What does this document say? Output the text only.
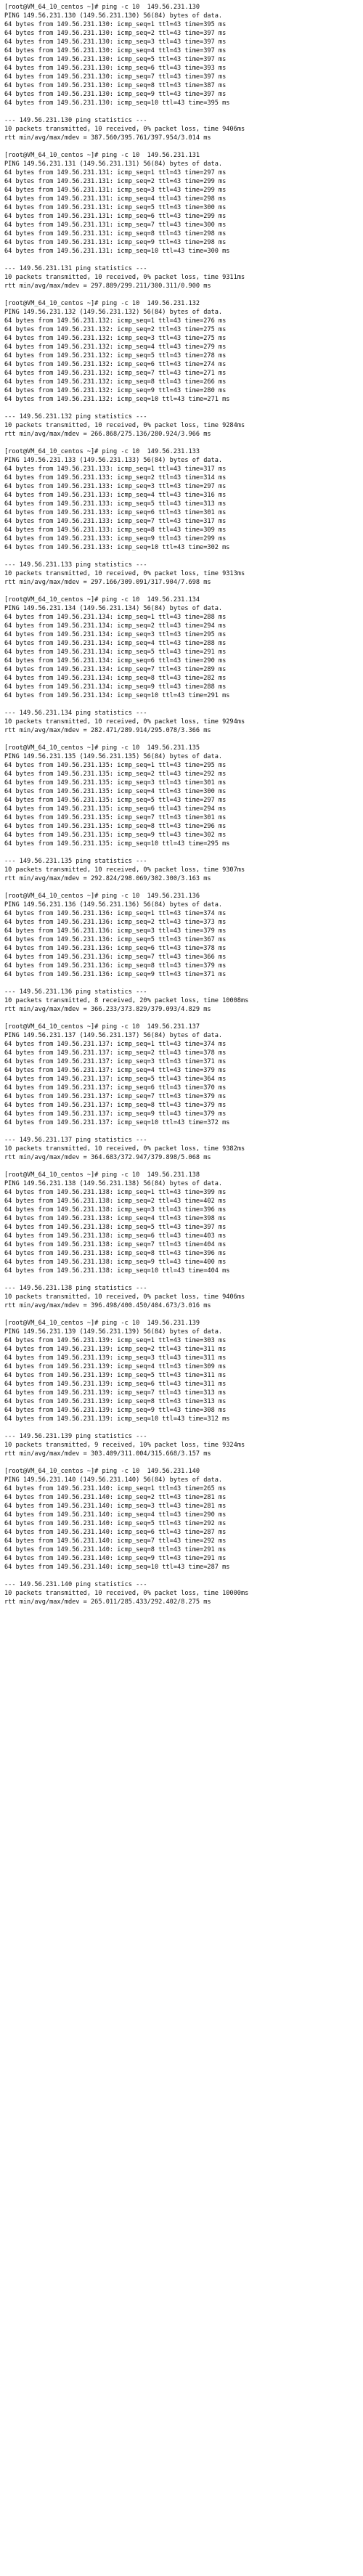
[root@VM_64_10_centos ~]# ping -c 10  149.56.231.130
PING 149.56.231.130 (149.56.231.130) 56(84) bytes of data.
64 bytes from 149.56.231.130: icmp_seq=1 ttl=43 time=395 ms
64 bytes from 149.56.231.130: icmp_seq=2 ttl=43 time=397 ms
64 bytes from 149.56.231.130: icmp_seq=3 ttl=43 time=397 ms
64 bytes from 149.56.231.130: icmp_seq=4 ttl=43 time=397 ms
64 bytes from 149.56.231.130: icmp_seq=5 ttl=43 time=397 ms
64 bytes from 149.56.231.130: icmp_seq=6 ttl=43 time=393 ms
64 bytes from 149.56.231.130: icmp_seq=7 ttl=43 time=397 ms
64 bytes from 149.56.231.130: icmp_seq=8 ttl=43 time=387 ms
64 bytes from 149.56.231.130: icmp_seq=9 ttl=43 time=397 ms
64 bytes from 149.56.231.130: icmp_seq=10 ttl=43 time=395 ms
--- 149.56.231.130 ping statistics ---
10 packets transmitted, 10 received, 0% packet loss, time 9406ms
rtt min/avg/max/mdev = 387.560/395.761/397.954/3.014 ms
[root@VM_64_10_centos ~]# ping -c 10  149.56.231.131
PING 149.56.231.131 (149.56.231.131) 56(84) bytes of data.
64 bytes from 149.56.231.131: icmp_seq=1 ttl=43 time=297 ms
64 bytes from 149.56.231.131: icmp_seq=2 ttl=43 time=299 ms
64 bytes from 149.56.231.131: icmp_seq=3 ttl=43 time=299 ms
64 bytes from 149.56.231.131: icmp_seq=4 ttl=43 time=298 ms
64 bytes from 149.56.231.131: icmp_seq=5 ttl=43 time=300 ms
64 bytes from 149.56.231.131: icmp_seq=6 ttl=43 time=299 ms
64 bytes from 149.56.231.131: icmp_seq=7 ttl=43 time=300 ms
64 bytes from 149.56.231.131: icmp_seq=8 ttl=43 time=298 ms
64 bytes from 149.56.231.131: icmp_seq=9 ttl=43 time=298 ms
64 bytes from 149.56.231.131: icmp_seq=10 ttl=43 time=300 ms
--- 149.56.231.131 ping statistics ---
10 packets transmitted, 10 received, 0% packet loss, time 9311ms
rtt min/avg/max/mdev = 297.889/299.211/300.311/0.900 ms
[root@VM_64_10_centos ~]# ping -c 10  149.56.231.132
PING 149.56.231.132 (149.56.231.132) 56(84) bytes of data.
64 bytes from 149.56.231.132: icmp_seq=1 ttl=43 time=276 ms
64 bytes from 149.56.231.132: icmp_seq=2 ttl=43 time=275 ms
64 bytes from 149.56.231.132: icmp_seq=3 ttl=43 time=275 ms
64 bytes from 149.56.231.132: icmp_seq=4 ttl=43 time=279 ms
64 bytes from 149.56.231.132: icmp_seq=5 ttl=43 time=278 ms
64 bytes from 149.56.231.132: icmp_seq=6 ttl=43 time=274 ms
64 bytes from 149.56.231.132: icmp_seq=7 ttl=43 time=271 ms
64 bytes from 149.56.231.132: icmp_seq=8 ttl=43 time=266 ms
64 bytes from 149.56.231.132: icmp_seq=9 ttl=43 time=280 ms
64 bytes from 149.56.231.132: icmp_seq=10 ttl=43 time=271 ms
--- 149.56.231.132 ping statistics ---
10 packets transmitted, 10 received, 0% packet loss, time 9284ms
rtt min/avg/max/mdev = 266.868/275.136/280.924/3.966 ms
[root@VM_64_10_centos ~]# ping -c 10  149.56.231.133
PING 149.56.231.133 (149.56.231.133) 56(84) bytes of data.
64 bytes from 149.56.231.133: icmp_seq=1 ttl=43 time=317 ms
64 bytes from 149.56.231.133: icmp_seq=2 ttl=43 time=314 ms
64 bytes from 149.56.231.133: icmp_seq=3 ttl=43 time=297 ms
64 bytes from 149.56.231.133: icmp_seq=4 ttl=43 time=316 ms
64 bytes from 149.56.231.133: icmp_seq=5 ttl=43 time=313 ms
64 bytes from 149.56.231.133: icmp_seq=6 ttl=43 time=301 ms
64 bytes from 149.56.231.133: icmp_seq=7 ttl=43 time=317 ms
64 bytes from 149.56.231.133: icmp_seq=8 ttl=43 time=309 ms
64 bytes from 149.56.231.133: icmp_seq=9 ttl=43 time=299 ms
64 bytes from 149.56.231.133: icmp_seq=10 ttl=43 time=302 ms
--- 149.56.231.133 ping statistics ---
10 packets transmitted, 10 received, 0% packet loss, time 9313ms
rtt min/avg/max/mdev = 297.166/309.091/317.904/7.698 ms
[root@VM_64_10_centos ~]# ping -c 10  149.56.231.134
PING 149.56.231.134 (149.56.231.134) 56(84) bytes of data.
64 bytes from 149.56.231.134: icmp_seq=1 ttl=43 time=288 ms
64 bytes from 149.56.231.134: icmp_seq=2 ttl=43 time=294 ms
64 bytes from 149.56.231.134: icmp_seq=3 ttl=43 time=295 ms
64 bytes from 149.56.231.134: icmp_seq=4 ttl=43 time=288 ms
64 bytes from 149.56.231.134: icmp_seq=5 ttl=43 time=291 ms
64 bytes from 149.56.231.134: icmp_seq=6 ttl=43 time=290 ms
64 bytes from 149.56.231.134: icmp_seq=7 ttl=43 time=289 ms
64 bytes from 149.56.231.134: icmp_seq=8 ttl=43 time=282 ms
64 bytes from 149.56.231.134: icmp_seq=9 ttl=43 time=288 ms
64 bytes from 149.56.231.134: icmp_seq=10 ttl=43 time=291 ms
--- 149.56.231.134 ping statistics ---
10 packets transmitted, 10 received, 0% packet loss, time 9294ms
rtt min/avg/max/mdev = 282.471/289.914/295.078/3.366 ms
[root@VM_64_10_centos ~]# ping -c 10  149.56.231.135
PING 149.56.231.135 (149.56.231.135) 56(84) bytes of data.
64 bytes from 149.56.231.135: icmp_seq=1 ttl=43 time=295 ms
64 bytes from 149.56.231.135: icmp_seq=2 ttl=43 time=292 ms
64 bytes from 149.56.231.135: icmp_seq=3 ttl=43 time=301 ms
64 bytes from 149.56.231.135: icmp_seq=4 ttl=43 time=300 ms
64 bytes from 149.56.231.135: icmp_seq=5 ttl=43 time=297 ms
64 bytes from 149.56.231.135: icmp_seq=6 ttl=43 time=294 ms
64 bytes from 149.56.231.135: icmp_seq=7 ttl=43 time=301 ms
64 bytes from 149.56.231.135: icmp_seq=8 ttl=43 time=296 ms
64 bytes from 149.56.231.135: icmp_seq=9 ttl=43 time=302 ms
64 bytes from 149.56.231.135: icmp_seq=10 ttl=43 time=295 ms
--- 149.56.231.135 ping statistics ---
10 packets transmitted, 10 received, 0% packet loss, time 9307ms
rtt min/avg/max/mdev = 292.824/298.069/302.300/3.163 ms
[root@VM_64_10_centos ~]# ping -c 10  149.56.231.136
PING 149.56.231.136 (149.56.231.136) 56(84) bytes of data.
64 bytes from 149.56.231.136: icmp_seq=1 ttl=43 time=374 ms
64 bytes from 149.56.231.136: icmp_seq=2 ttl=43 time=373 ms
64 bytes from 149.56.231.136: icmp_seq=3 ttl=43 time=379 ms
64 bytes from 149.56.231.136: icmp_seq=5 ttl=43 time=367 ms
64 bytes from 149.56.231.136: icmp_seq=6 ttl=43 time=378 ms
64 bytes from 149.56.231.136: icmp_seq=7 ttl=43 time=366 ms
64 bytes from 149.56.231.136: icmp_seq=8 ttl=43 time=379 ms
64 bytes from 149.56.231.136: icmp_seq=9 ttl=43 time=371 ms
--- 149.56.231.136 ping statistics ---
10 packets transmitted, 8 received, 20% packet loss, time 10008ms
rtt min/avg/max/mdev = 366.233/373.829/379.093/4.829 ms
[root@VM_64_10_centos ~]# ping -c 10  149.56.231.137
PING 149.56.231.137 (149.56.231.137) 56(84) bytes of data.
64 bytes from 149.56.231.137: icmp_seq=1 ttl=43 time=374 ms
64 bytes from 149.56.231.137: icmp_seq=2 ttl=43 time=378 ms
64 bytes from 149.56.231.137: icmp_seq=3 ttl=43 time=371 ms
64 bytes from 149.56.231.137: icmp_seq=4 ttl=43 time=379 ms
64 bytes from 149.56.231.137: icmp_seq=5 ttl=43 time=364 ms
64 bytes from 149.56.231.137: icmp_seq=6 ttl=43 time=370 ms
64 bytes from 149.56.231.137: icmp_seq=7 ttl=43 time=379 ms
64 bytes from 149.56.231.137: icmp_seq=8 ttl=43 time=379 ms
64 bytes from 149.56.231.137: icmp_seq=9 ttl=43 time=379 ms
64 bytes from 149.56.231.137: icmp_seq=10 ttl=43 time=372 ms
--- 149.56.231.137 ping statistics ---
10 packets transmitted, 10 received, 0% packet loss, time 9382ms
rtt min/avg/max/mdev = 364.683/372.947/379.898/5.068 ms
[root@VM_64_10_centos ~]# ping -c 10  149.56.231.138
PING 149.56.231.138 (149.56.231.138) 56(84) bytes of data.
64 bytes from 149.56.231.138: icmp_seq=1 ttl=43 time=399 ms
64 bytes from 149.56.231.138: icmp_seq=2 ttl=43 time=402 ms
64 bytes from 149.56.231.138: icmp_seq=3 ttl=43 time=396 ms
64 bytes from 149.56.231.138: icmp_seq=4 ttl=43 time=398 ms
64 bytes from 149.56.231.138: icmp_seq=5 ttl=43 time=397 ms
64 bytes from 149.56.231.138: icmp_seq=6 ttl=43 time=403 ms
64 bytes from 149.56.231.138: icmp_seq=7 ttl=43 time=404 ms
64 bytes from 149.56.231.138: icmp_seq=8 ttl=43 time=396 ms
64 bytes from 149.56.231.138: icmp_seq=9 ttl=43 time=400 ms
64 bytes from 149.56.231.138: icmp_seq=10 ttl=43 time=404 ms
--- 149.56.231.138 ping statistics ---
10 packets transmitted, 10 received, 0% packet loss, time 9406ms
rtt min/avg/max/mdev = 396.498/400.450/404.673/3.016 ms
[root@VM_64_10_centos ~]# ping -c 10  149.56.231.139
PING 149.56.231.139 (149.56.231.139) 56(84) bytes of data.
64 bytes from 149.56.231.139: icmp_seq=1 ttl=43 time=303 ms
64 bytes from 149.56.231.139: icmp_seq=2 ttl=43 time=311 ms
64 bytes from 149.56.231.139: icmp_seq=3 ttl=43 time=311 ms
64 bytes from 149.56.231.139: icmp_seq=4 ttl=43 time=309 ms
64 bytes from 149.56.231.139: icmp_seq=5 ttl=43 time=311 ms
64 bytes from 149.56.231.139: icmp_seq=6 ttl=43 time=311 ms
64 bytes from 149.56.231.139: icmp_seq=7 ttl=43 time=313 ms
64 bytes from 149.56.231.139: icmp_seq=8 ttl=43 time=313 ms
64 bytes from 149.56.231.139: icmp_seq=9 ttl=43 time=308 ms
64 bytes from 149.56.231.139: icmp_seq=10 ttl=43 time=312 ms
--- 149.56.231.139 ping statistics ---
10 packets transmitted, 9 received, 10% packet loss, time 9324ms
rtt min/avg/max/mdev = 303.409/311.004/315.668/3.157 ms
[root@VM_64_10_centos ~]# ping -c 10  149.56.231.140
PING 149.56.231.140 (149.56.231.140) 56(84) bytes of data.
64 bytes from 149.56.231.140: icmp_seq=1 ttl=43 time=265 ms
64 bytes from 149.56.231.140: icmp_seq=2 ttl=43 time=281 ms
64 bytes from 149.56.231.140: icmp_seq=3 ttl=43 time=281 ms
64 bytes from 149.56.231.140: icmp_seq=4 ttl=43 time=290 ms
64 bytes from 149.56.231.140: icmp_seq=5 ttl=43 time=292 ms
64 bytes from 149.56.231.140: icmp_seq=6 ttl=43 time=287 ms
64 bytes from 149.56.231.140: icmp_seq=7 ttl=43 time=292 ms
64 bytes from 149.56.231.140: icmp_seq=8 ttl=43 time=291 ms
64 bytes from 149.56.231.140: icmp_seq=9 ttl=43 time=291 ms
64 bytes from 149.56.231.140: icmp_seq=10 ttl=43 time=287 ms
--- 149.56.231.140 ping statistics ---
10 packets transmitted, 10 received, 0% packet loss, time 10000ms
rtt min/avg/max/mdev = 265.011/285.433/292.402/8.275 ms
